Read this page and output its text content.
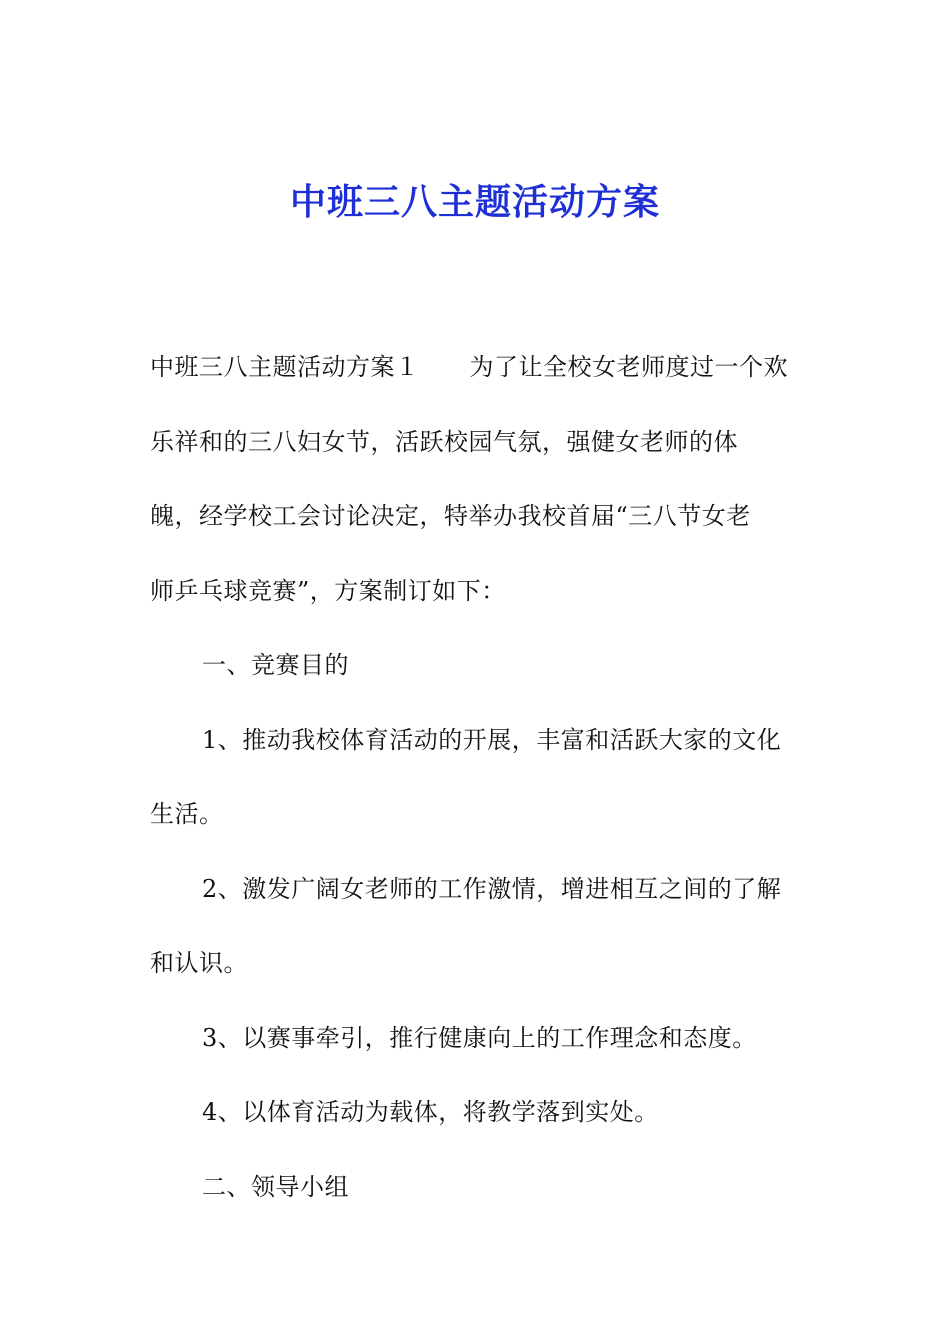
中班三八主题活动方案
中班三八主题活动方案１ 为了让全校女老师度过一个欢
乐祥和的三八妇女节，活跃校园气氛，强健女老师的体
魄，经学校工会讨论决定，特举办我校首届“三八节女老
师乒乓球竞赛”，方案制订如下：
一、竞赛目的
1、推动我校体育活动的开展，丰富和活跃大家的文化
生活。
2、激发广阔女老师的工作激情，增进相互之间的了解
和认识。
3、以赛事牵引，推行健康向上的工作理念和态度。
4、以体育活动为载体，将教学落到实处。
二、领导小组
